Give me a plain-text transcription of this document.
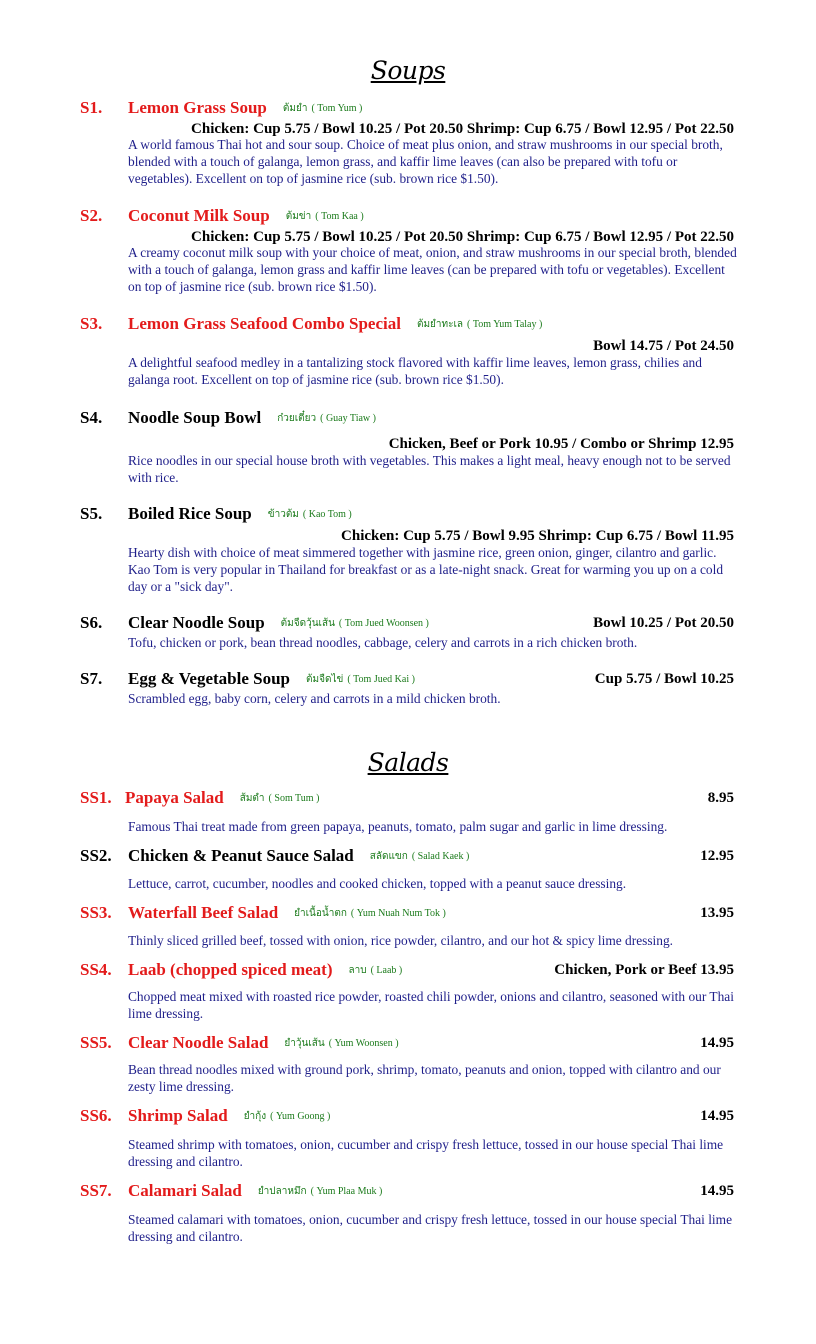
Soups
S1. Lemon Grass Soup ต้มยำ ( Tom Yum )
Chicken: Cup 5.75 / Bowl 10.25 / Pot 20.50 Shrimp: Cup 6.75 / Bowl 12.95 / Pot 22.50
A world famous Thai hot and sour soup. Choice of meat plus onion, and straw mushrooms in our special broth, blended with a touch of galanga, lemon grass, and kaffir lime leaves (can also be prepared with tofu or vegetables). Excellent on top of jasmine rice (sub. brown rice $1.50).
S2. Coconut Milk Soup ต้มข่า ( Tom Kaa )
Chicken: Cup 5.75 / Bowl 10.25 / Pot 20.50 Shrimp: Cup 6.75 / Bowl 12.95 / Pot 22.50
A creamy coconut milk soup with your choice of meat, onion, and straw mushrooms in our special broth, blended with a touch of galanga, lemon grass and kaffir lime leaves (can be prepared with tofu or vegetables). Excellent on top of jasmine rice (sub. brown rice $1.50).
S3. Lemon Grass Seafood Combo Special ต้มยำทะเล ( Tom Yum Talay )
Bowl 14.75 / Pot 24.50
A delightful seafood medley in a tantalizing stock flavored with kaffir lime leaves, lemon grass, chilies and galanga root. Excellent on top of jasmine rice (sub. brown rice $1.50).
S4. Noodle Soup Bowl ก๋วยเตี๋ยว ( Guay Tiaw )
Chicken, Beef or Pork 10.95 / Combo or Shrimp 12.95
Rice noodles in our special house broth with vegetables. This makes a light meal, heavy enough not to be served with rice.
S5. Boiled Rice Soup ข้าวต้ม ( Kao Tom )
Chicken: Cup 5.75 / Bowl 9.95 Shrimp: Cup 6.75 / Bowl 11.95
Hearty dish with choice of meat simmered together with jasmine rice, green onion, ginger, cilantro and garlic. Kao Tom is very popular in Thailand for breakfast or as a late-night snack. Great for warming you up on a cold day or a "sick day".
S6. Clear Noodle Soup ต้มจืดวุ้นเส้น ( Tom Jued Woonsen )	Bowl 10.25 / Pot 20.50
Tofu, chicken or pork, bean thread noodles, cabbage, celery and carrots in a rich chicken broth.
S7. Egg & Vegetable Soup ต้มจืดไข่ ( Tom Jued Kai )	Cup 5.75 / Bowl 10.25
Scrambled egg, baby corn, celery and carrots in a mild chicken broth.
Salads
SS1. Papaya Salad ส้มตำ ( Som Tum )	8.95
Famous Thai treat made from green papaya, peanuts, tomato, palm sugar and garlic in lime dressing.
SS2. Chicken & Peanut Sauce Salad สลัดแขก ( Salad Kaek )	12.95
Lettuce, carrot, cucumber, noodles and cooked chicken, topped with a peanut sauce dressing.
SS3. Waterfall Beef Salad ยำเนื้อน้ำตก ( Yum Nuah Num Tok )	13.95
Thinly sliced grilled beef, tossed with onion, rice powder, cilantro, and our hot & spicy lime dressing.
SS4. Laab (chopped spiced meat) ลาบ ( Laab )	Chicken, Pork or Beef 13.95
Chopped meat mixed with roasted rice powder, roasted chili powder, onions and cilantro, seasoned with our Thai lime dressing.
SS5. Clear Noodle Salad ยำวุ้นเส้น ( Yum Woonsen )	14.95
Bean thread noodles mixed with ground pork, shrimp, tomato, peanuts and onion, topped with cilantro and our zesty lime dressing.
SS6. Shrimp Salad ยำกุ้ง ( Yum Goong )	14.95
Steamed shrimp with tomatoes, onion, cucumber and crispy fresh lettuce, tossed in our house special Thai lime dressing and cilantro.
SS7. Calamari Salad ยำปลาหมึก ( Yum Plaa Muk )	14.95
Steamed calamari with tomatoes, onion, cucumber and crispy fresh lettuce, tossed in our house special Thai lime dressing and cilantro.
